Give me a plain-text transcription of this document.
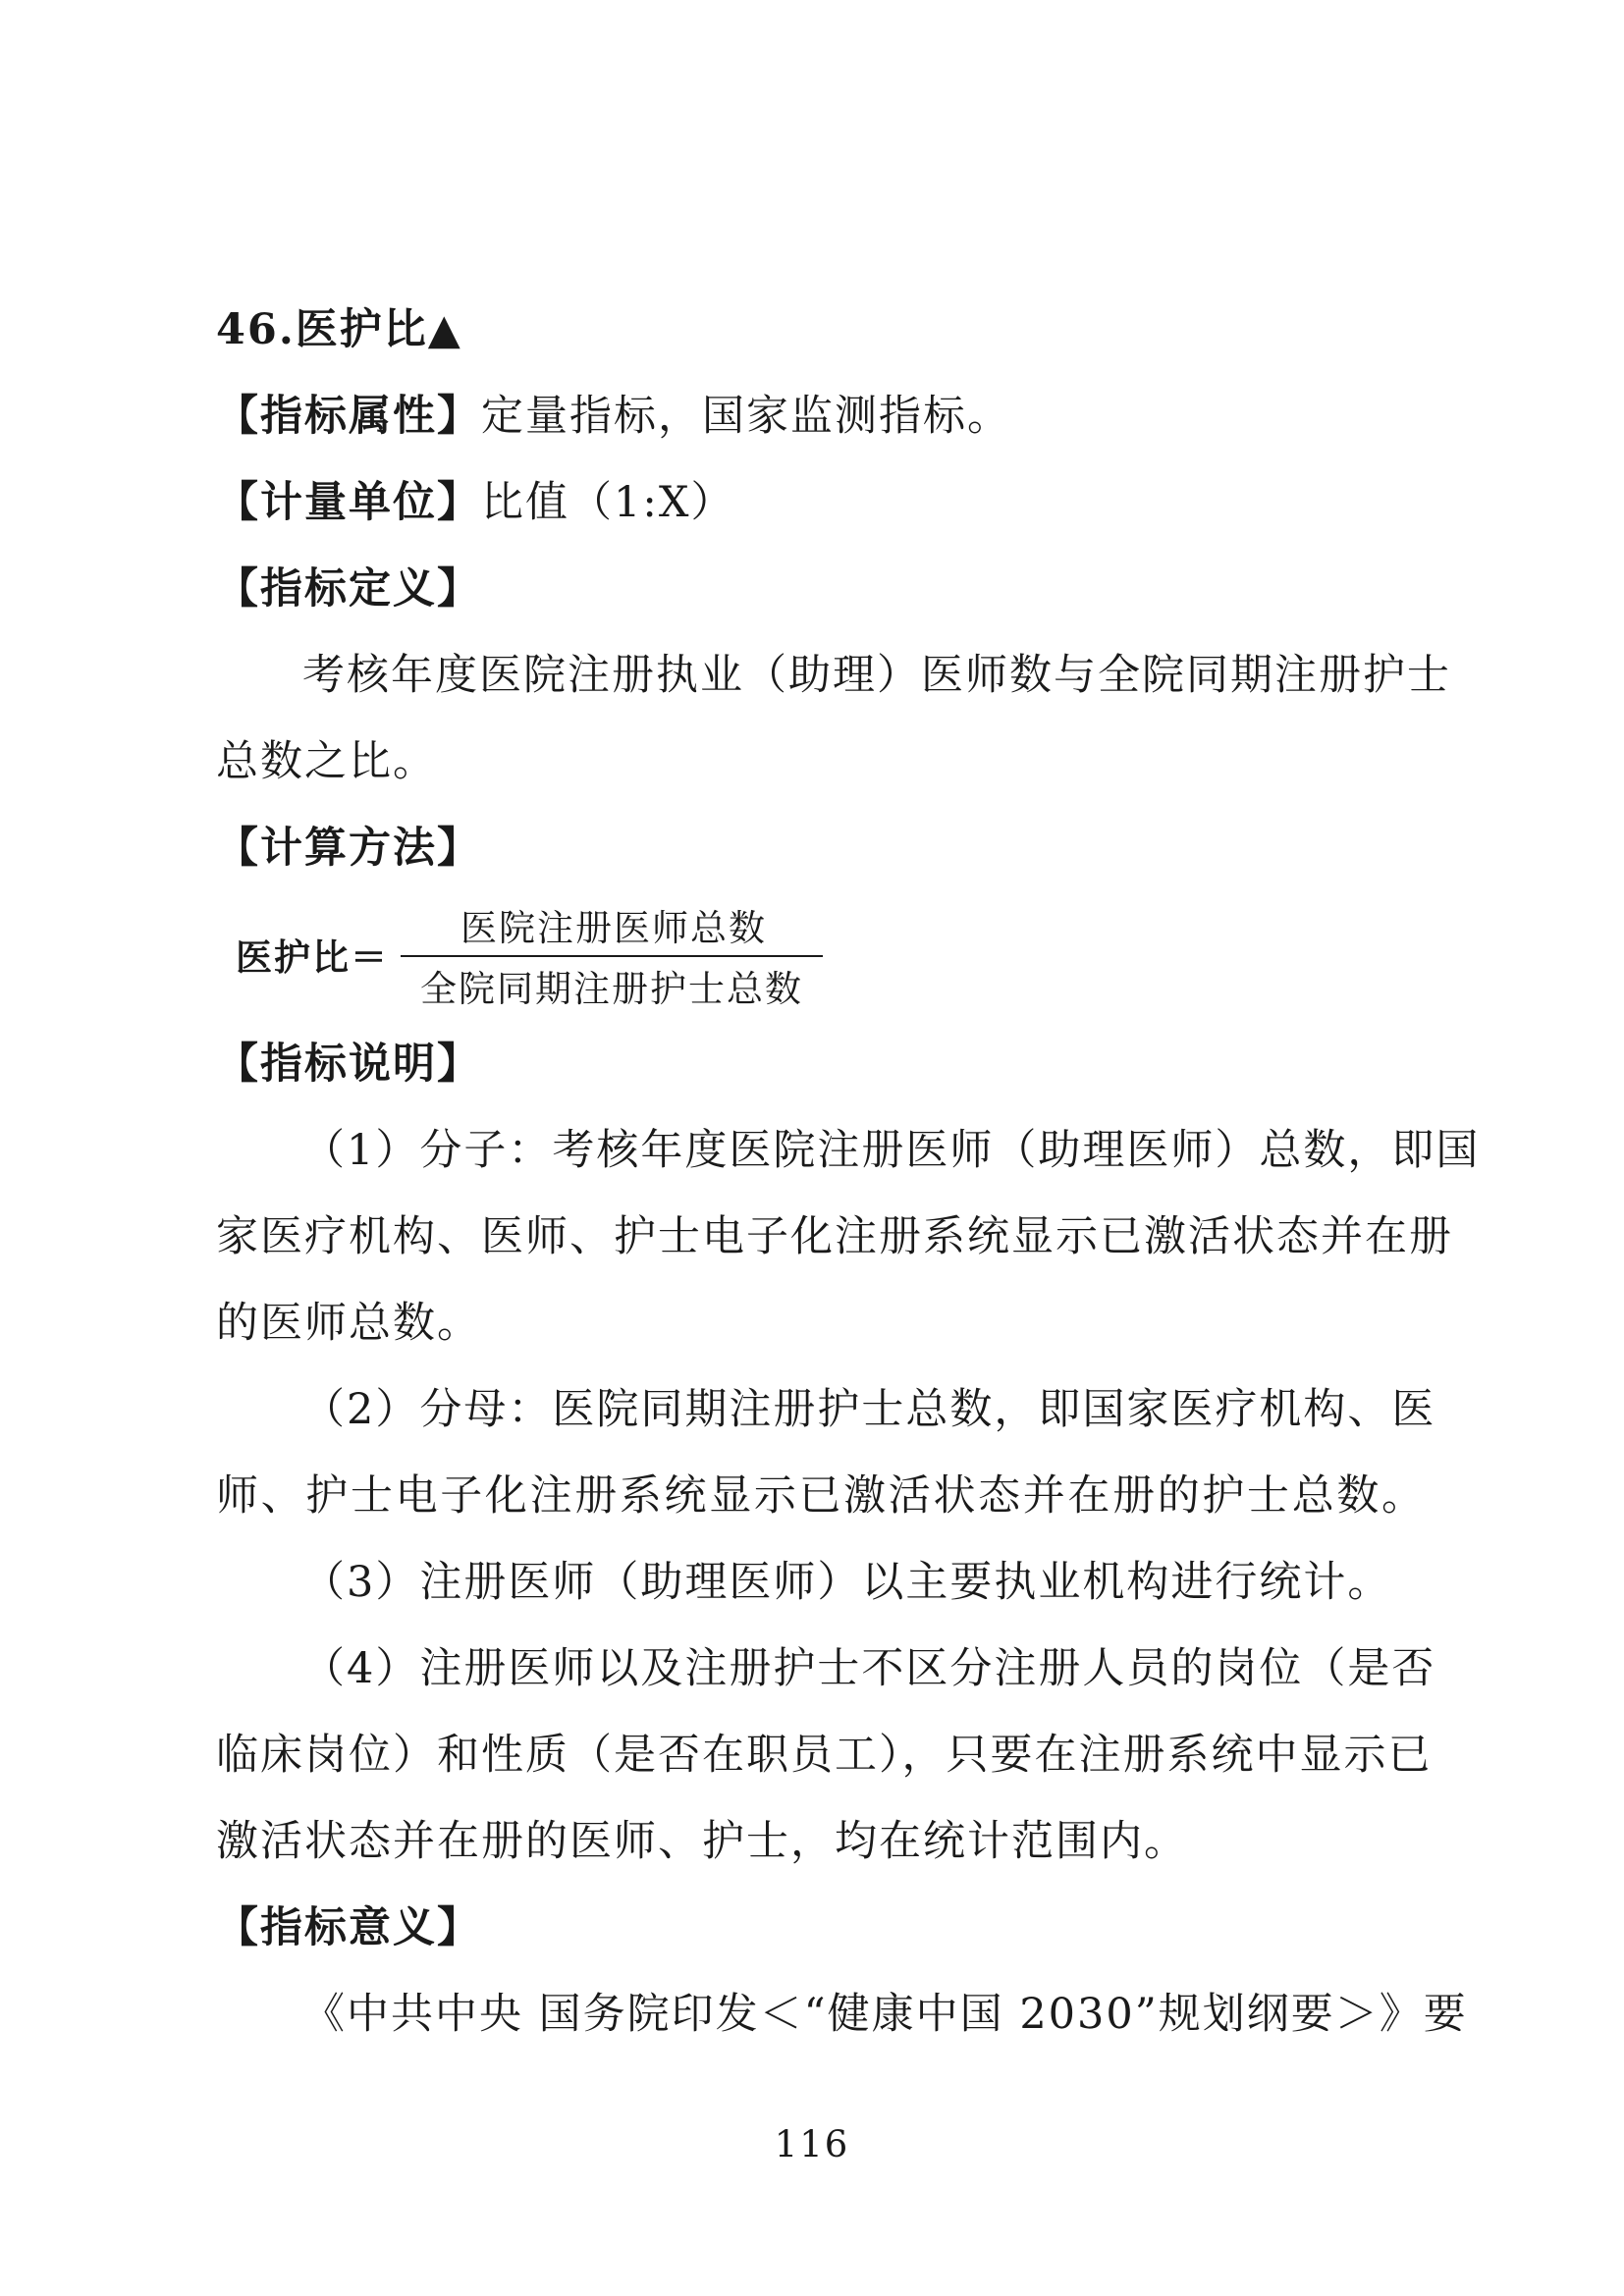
46.医护比▲
【指标属性】定量指标，国家监测指标。
【计量单位】比值（1:X）
【指标定义】
考核年度医院注册执业（助理）医师数与全院同期注册护士
总数之比。
【计算方法】
医护比＝
医院注册医师总数
全院同期注册护士总数
【指标说明】
（1）分子：考核年度医院注册医师（助理医师）总数，即国
家医疗机构、医师、护士电子化注册系统显示已激活状态并在册
的医师总数。
（2）分母：医院同期注册护士总数，即国家医疗机构、医
师、护士电子化注册系统显示已激活状态并在册的护士总数。
（3）注册医师（助理医师）以主要执业机构进行统计。
（4）注册医师以及注册护士不区分注册人员的岗位（是否
临床岗位）和性质（是否在职员工），只要在注册系统中显示已
激活状态并在册的医师、护士，均在统计范围内。
【指标意义】
《中共中央 国务院印发＜“健康中国 2030”规划纲要＞》要
116
